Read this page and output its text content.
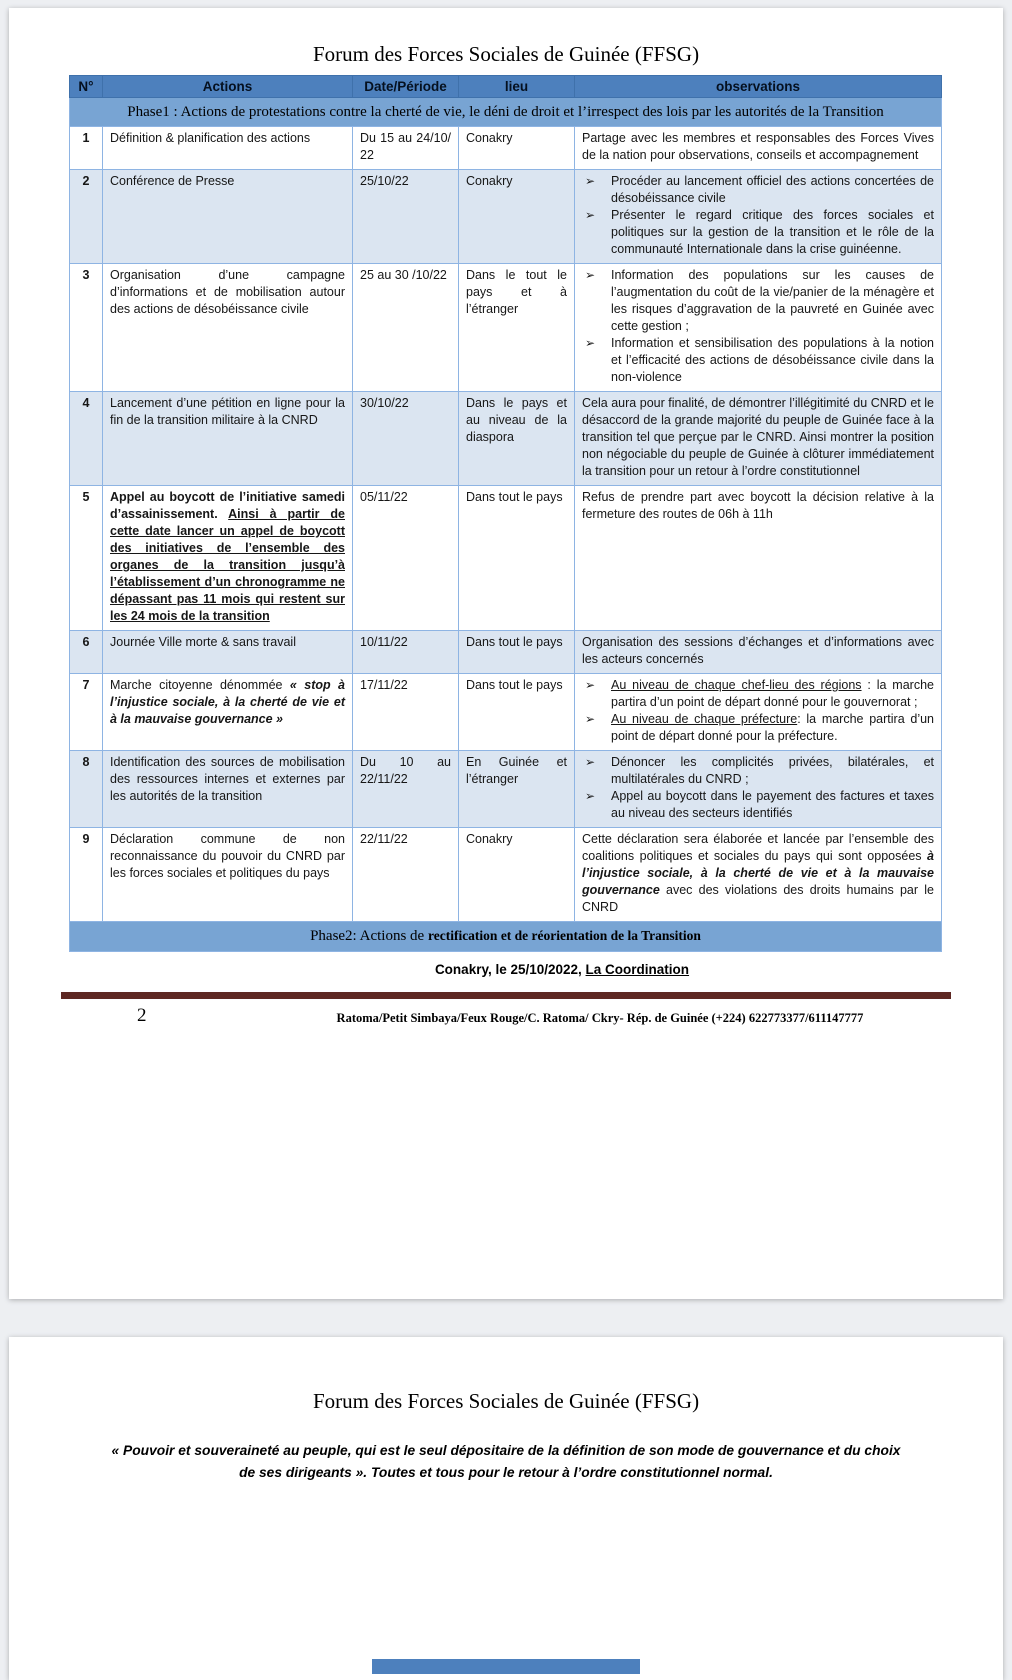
Forum des Forces Sociales de Guinée (FFSG)
N°	Actions	Date/Période	lieu	observations
Phase1 : Actions de protestations contre la cherté de vie, le déni de droit et l’irrespect des lois par les autorités de la Transition				
1	Définition & planification des actions	Du 15 au 24/10/ 22	Conakry	Partage avec les membres et responsables des Forces Vives de la nation pour observations, conseils et accompagnement
2	Conférence de Presse	25/10/22	Conakry	➢ Procéder au lancement officiel des actions concertées de désobéissance civile
➢ Présenter le regard critique des forces sociales et politiques sur la gestion de la transition et le rôle de la communauté Internationale dans la crise guinéenne.

3	Organisation d’une campagne d’informations et de mobilisation autour des actions de désobéissance civile	25 au 30 /10/22	Dans le tout le pays et à l’étranger	➢ Information des populations sur les causes de l’augmentation du coût de la vie/panier de la ménagère et les risques d’aggravation de la pauvreté en Guinée avec cette gestion ;
➢ Information et sensibilisation des populations à la notion et l’efficacité des actions de désobéissance civile dans la non-violence

4	Lancement d’une pétition en ligne pour la fin de la transition militaire à la CNRD	30/10/22	Dans le pays et au niveau de la diaspora	Cela aura pour finalité, de démontrer l’illégitimité du CNRD et le désaccord de la grande majorité du peuple de Guinée face à la transition tel que perçue par le CNRD. Ainsi montrer la position non négociable du peuple de Guinée à clôturer immédiatement la transition pour un retour à l’ordre constitutionnel
5	Appel au boycott de l’initiative samedi d’assainissement. Ainsi à partir de cette date lancer un appel de boycott des initiatives de l’ensemble des organes de la transition jusqu’à l’établissement d’un chronogramme ne dépassant pas 11 mois qui restent sur les 24 mois de la transition	05/11/22	Dans tout le pays	Refus de prendre part avec boycott la décision relative à la fermeture des routes de 06h à 11h
6	Journée Ville morte & sans travail	10/11/22	Dans tout le pays	Organisation des sessions d’échanges et d’informations avec les acteurs concernés
7	Marche citoyenne dénommée « stop à l’injustice sociale, à la cherté de vie et à la mauvaise gouvernance »	17/11/22	Dans tout le pays	➢ Au niveau de chaque chef-lieu des régions : la marche partira d’un point de départ donné pour le gouvernorat ;
➢ Au niveau de chaque préfecture: la marche partira d’un point de départ donné pour la préfecture.

8	Identification des sources de mobilisation des ressources internes et externes par les autorités de la transition	Du 10 au 22/11/22	En Guinée et l’étranger	➢ Dénoncer les complicités privées, bilatérales, et multilatérales du CNRD ;
➢ Appel au boycott dans le payement des factures et taxes au niveau des secteurs identifiés

9	Déclaration commune de non reconnaissance du pouvoir du CNRD par les forces sociales et politiques du pays	22/11/22	Conakry	Cette déclaration sera élaborée et lancée par l’ensemble des coalitions politiques et sociales du pays qui sont opposées à l’injustice sociale, à la cherté de vie et à la mauvaise gouvernance avec des violations des droits humains par le CNRD
Phase2: Actions de rectification et de réorientation de la Transition				
Conakry, le 25/10/2022, La Coordination
2	Ratoma/Petit Simbaya/Feux Rouge/C. Ratoma/ Ckry- Rép. de Guinée (+224) 622773377/611147777
Forum des Forces Sociales de Guinée (FFSG)
« Pouvoir et souveraineté au peuple, qui est le seul dépositaire de la définition de son mode de gouvernance et du choix de ses dirigeants ». Toutes et tous pour le retour à l’ordre constitutionnel normal.
